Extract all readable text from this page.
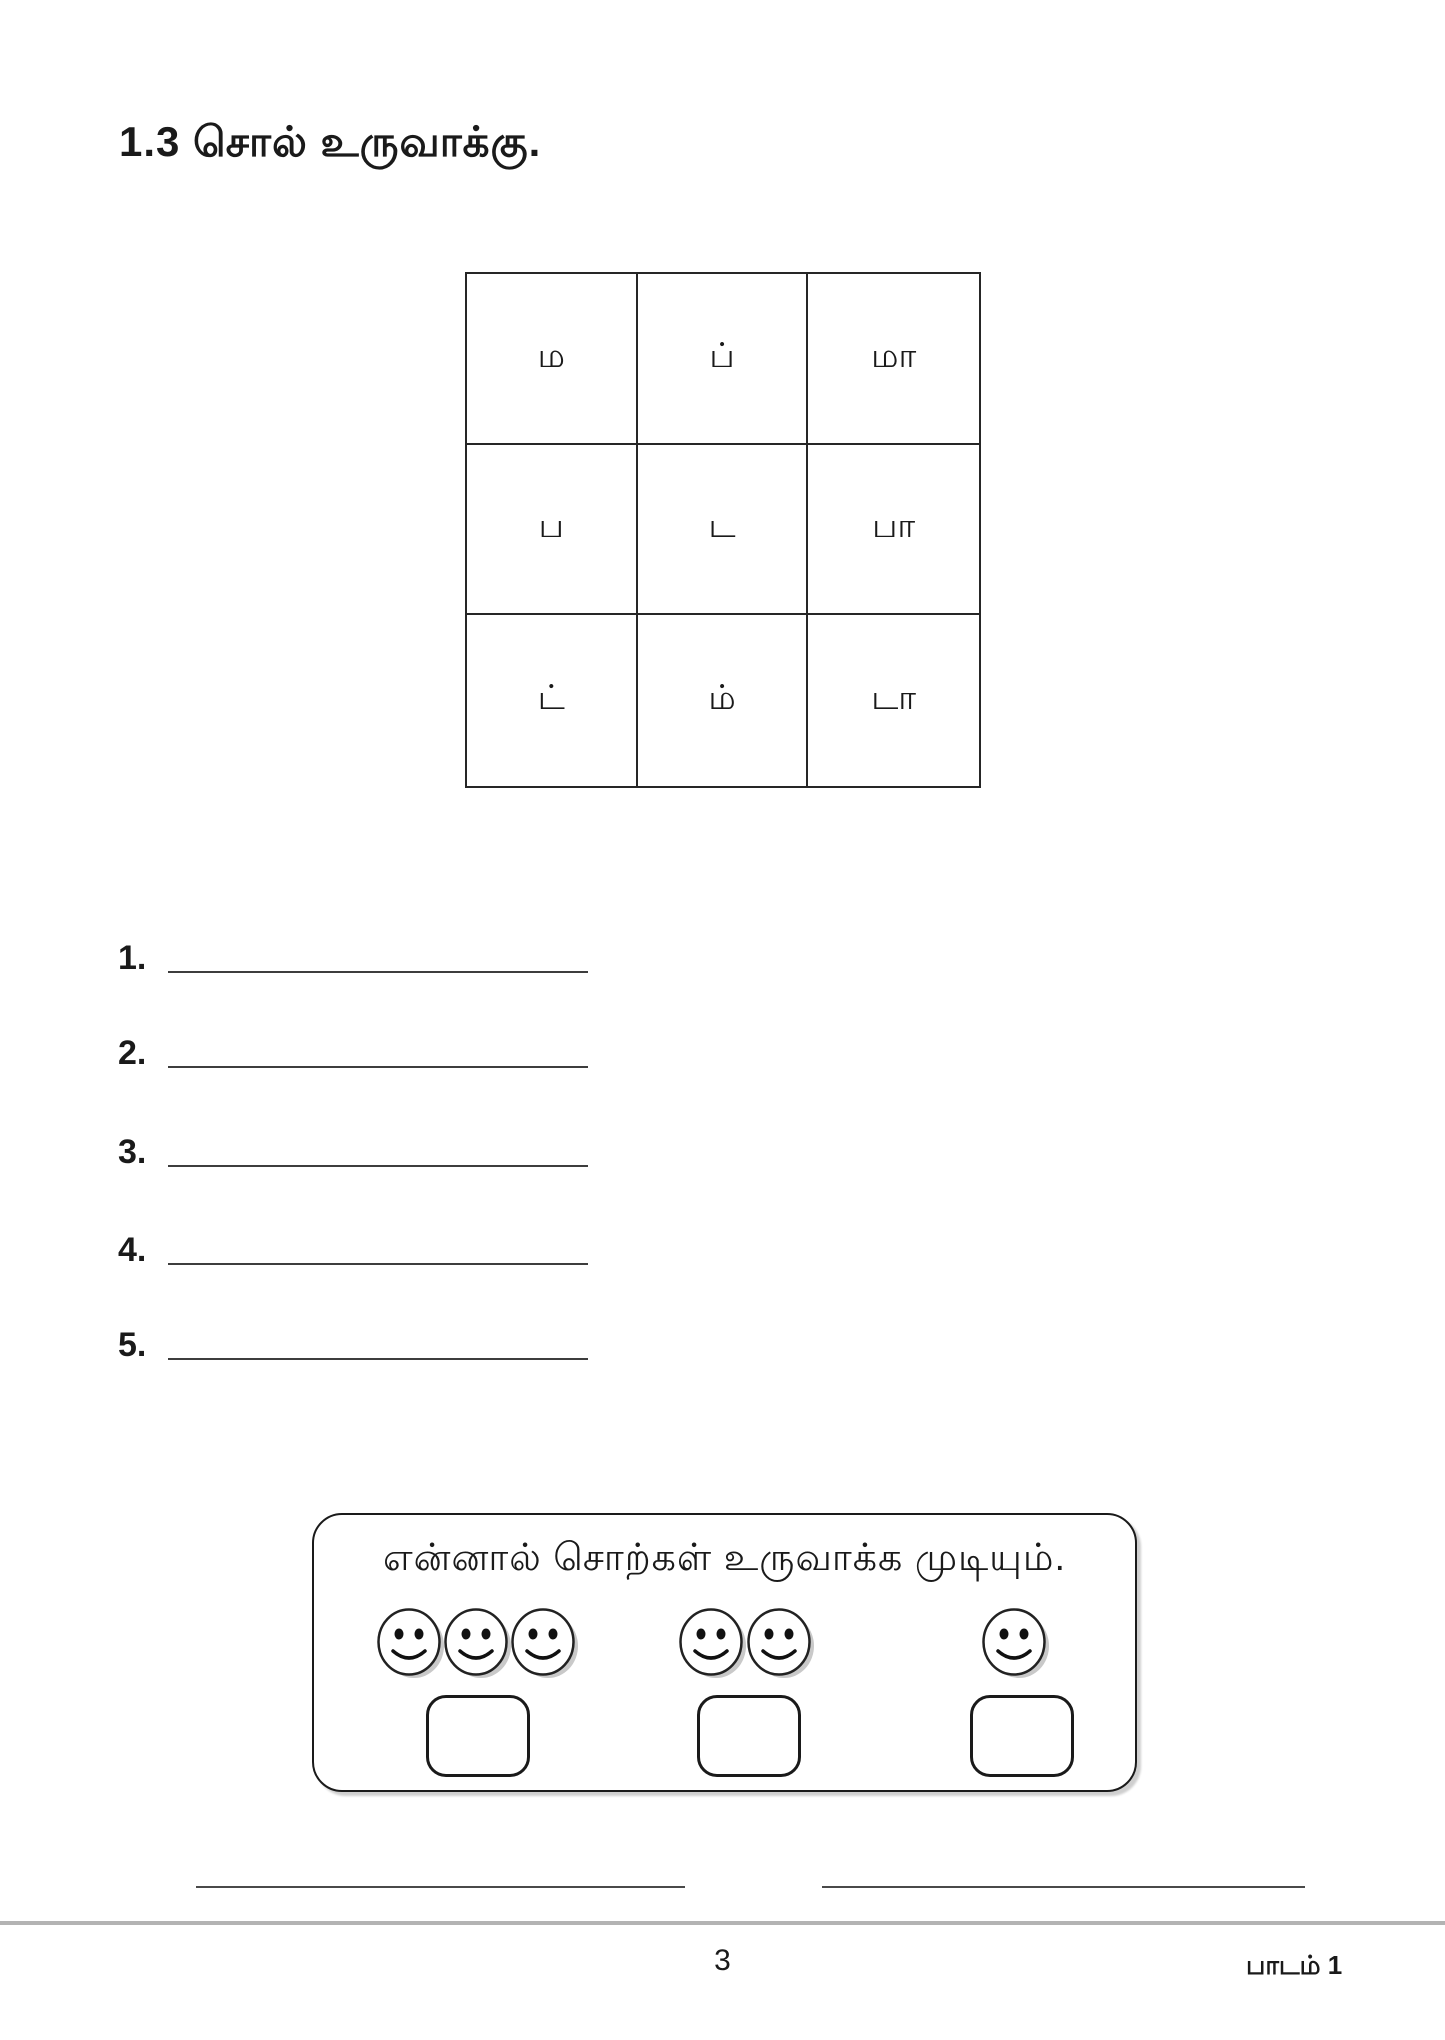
1.3 சொல் உருவாக்கு.
ம	ப்	மா
ப	ட	பா
ட்	ம்	டா
1.
2.
3.
4.
5.
என்னால் சொற்கள் உருவாக்க முடியும்.
3	பாடம் 1
